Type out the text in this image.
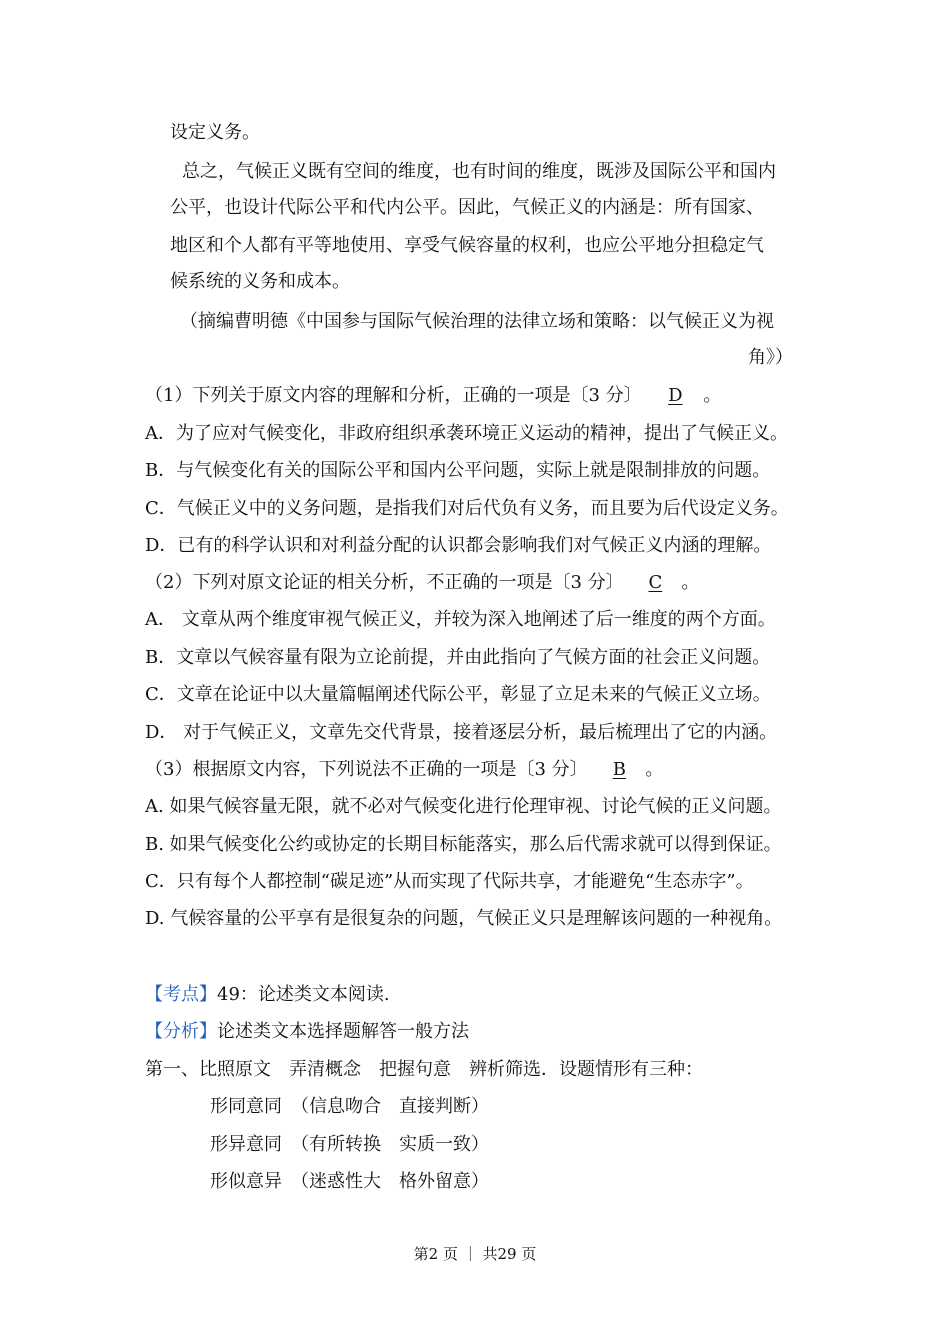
设定义务。
总之，气候正义既有空间的维度，也有时间的维度，既涉及国际公平和国内
公平，也设计代际公平和代内公平。因此，气候正义的内涵是：所有国家、
地区和个人都有平等地使用、享受气候容量的权利，也应公平地分担稳定气
候系统的义务和成本。
（摘编曹明德《中国参与国际气候治理的法律立场和策略：以气候正义为视
角》）
（1）下列关于原文内容的理解和分析，正确的一项是〔3 分〕 D 。
A．为了应对气候变化，非政府组织承袭环境正义运动的精神，提出了气候正义。
B．与气候变化有关的国际公平和国内公平问题，实际上就是限制排放的问题。
C．气候正义中的义务问题，是指我们对后代负有义务，而且要为后代设定义务。
D．已有的科学认识和对利益分配的认识都会影响我们对气候正义内涵的理解。
（2）下列对原文论证的相关分析，不正确的一项是〔3 分〕 C 。
A． 文章从两个维度审视气候正义，并较为深入地阐述了后一维度的两个方面。
B．文章以气候容量有限为立论前提，并由此指向了气候方面的社会正义问题。
C．文章在论证中以大量篇幅阐述代际公平，彰显了立足未来的气候正义立场。
D． 对于气候正义，文章先交代背景，接着逐层分析，最后梳理出了它的内涵。
（3）根据原文内容，下列说法不正确的一项是〔3 分〕 B 。
A. 如果气候容量无限，就不必对气候变化进行伦理审视、讨论气候的正义问题。
B. 如果气候变化公约或协定的长期目标能落实，那么后代需求就可以得到保证。
C．只有每个人都控制“碳足迹”从而实现了代际共享，才能避免“生态赤字”。
D. 气候容量的公平享有是很复杂的问题，气候正义只是理解该问题的一种视角。
【考点】49：论述类文本阅读.
【分析】论述类文本选择题解答一般方法
第一、比照原文　弄清概念　把握句意　辨析筛选．设题情形有三种：
形同意同　（信息吻合　直接判断）
形异意同　（有所转换　实质一致）
形似意异　（迷惑性大　格外留意）
第2 页 ｜ 共29 页
